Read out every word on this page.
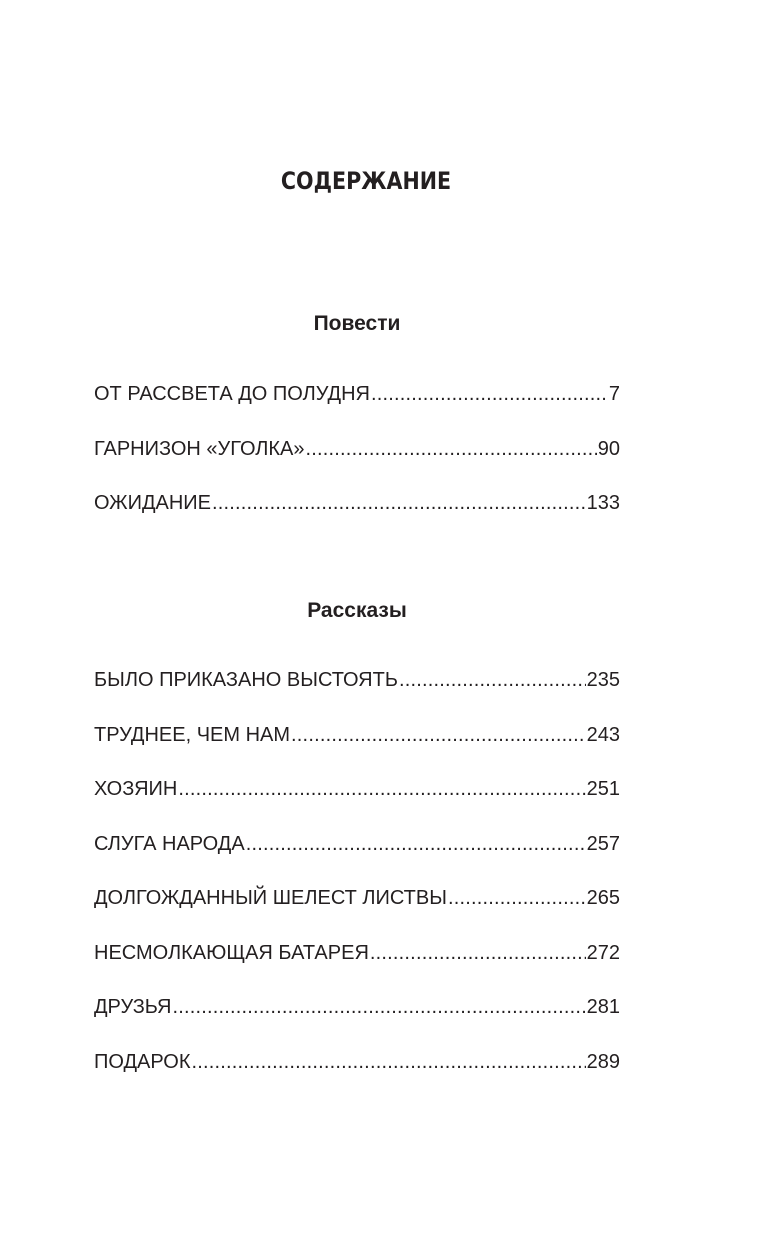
СОДЕРЖАНИЕ
Повести
ОТ РАССВЕТА ДО ПОЛУДНЯ .....	7
ГАРНИЗОН «УГОЛКА» .....	90
ОЖИДАНИЕ .....	133
Рассказы
БЫЛО ПРИКАЗАНО ВЫСТОЯТЬ .....	235
ТРУДНЕЕ, ЧЕМ НАМ .....	243
ХОЗЯИН .....	251
СЛУГА НАРОДА .....	257
ДОЛГОЖДАННЫЙ ШЕЛЕСТ ЛИСТВЫ .....	265
НЕСМОЛКАЮЩАЯ БАТАРЕЯ .....	272
ДРУЗЬЯ .....	281
ПОДАРОК .....	289
